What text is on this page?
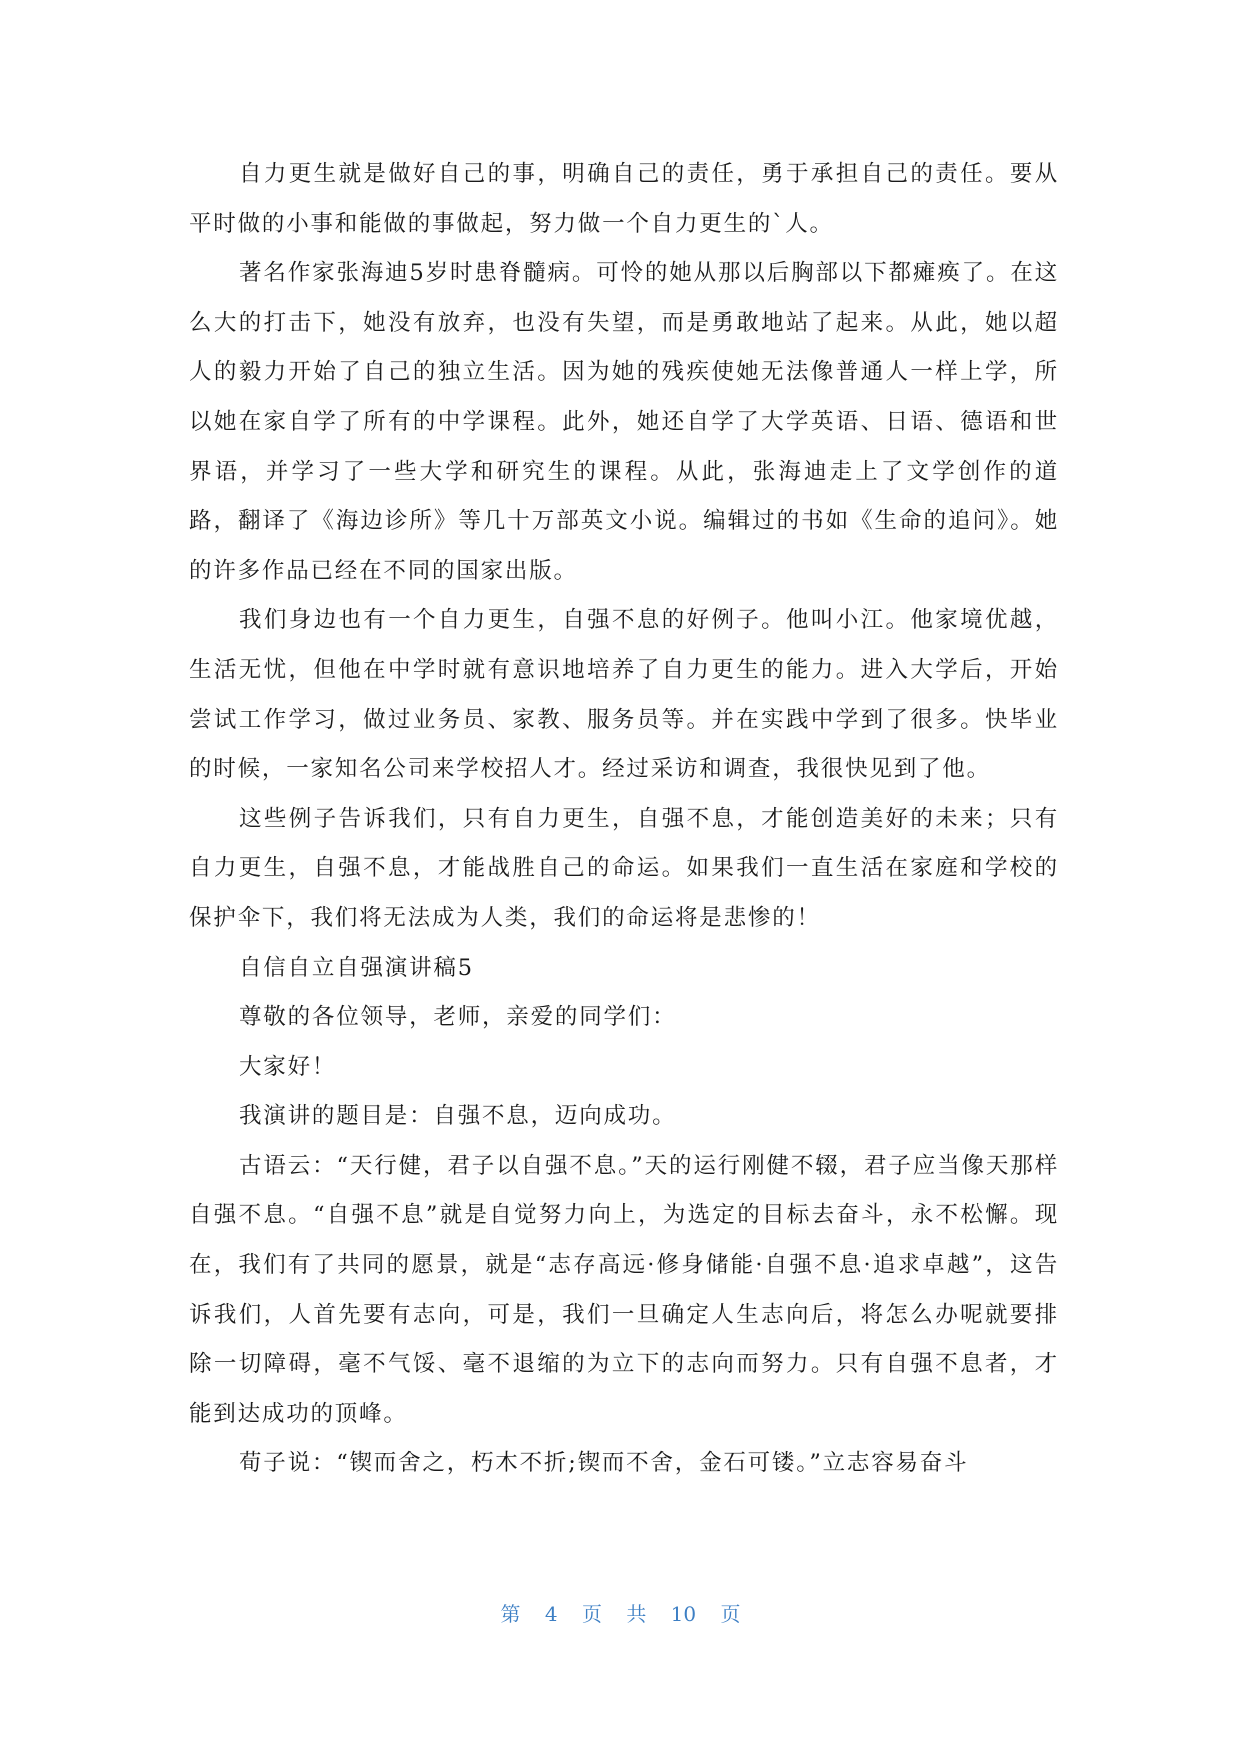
自力更生就是做好自己的事，明确自己的责任，勇于承担自己的责任。要从平时做的小事和能做的事做起，努力做一个自力更生的`人。

著名作家张海迪5岁时患脊髓病。可怜的她从那以后胸部以下都瘫痪了。在这么大的打击下，她没有放弃，也没有失望，而是勇敢地站了起来。从此，她以超人的毅力开始了自己的独立生活。因为她的残疾使她无法像普通人一样上学，所以她在家自学了所有的中学课程。此外，她还自学了大学英语、日语、德语和世界语，并学习了一些大学和研究生的课程。从此，张海迪走上了文学创作的道路，翻译了《海边诊所》等几十万部英文小说。编辑过的书如《生命的追问》。她的许多作品已经在不同的国家出版。

我们身边也有一个自力更生，自强不息的好例子。他叫小江。他家境优越，生活无忧，但他在中学时就有意识地培养了自力更生的能力。进入大学后，开始尝试工作学习，做过业务员、家教、服务员等。并在实践中学到了很多。快毕业的时候，一家知名公司来学校招人才。经过采访和调查，我很快见到了他。

这些例子告诉我们，只有自力更生，自强不息，才能创造美好的未来；只有自力更生，自强不息，才能战胜自己的命运。如果我们一直生活在家庭和学校的保护伞下，我们将无法成为人类，我们的命运将是悲惨的！

自信自立自强演讲稿5

尊敬的各位领导，老师，亲爱的同学们：

大家好！

我演讲的题目是：自强不息，迈向成功。

古语云：“天行健，君子以自强不息。”天的运行刚健不辍，君子应当像天那样自强不息。“自强不息”就是自觉努力向上，为选定的目标去奋斗，永不松懈。现在，我们有了共同的愿景，就是“志存高远·修身储能·自强不息·追求卓越”，这告诉我们，人首先要有志向，可是，我们一旦确定人生志向后，将怎么办呢就要排除一切障碍，毫不气馁、毫不退缩的为立下的志向而努力。只有自强不息者，才能到达成功的顶峰。

荀子说：“锲而舍之，朽木不折;锲而不舍，金石可镂。”立志容易奋斗

第 4 页 共 10 页
